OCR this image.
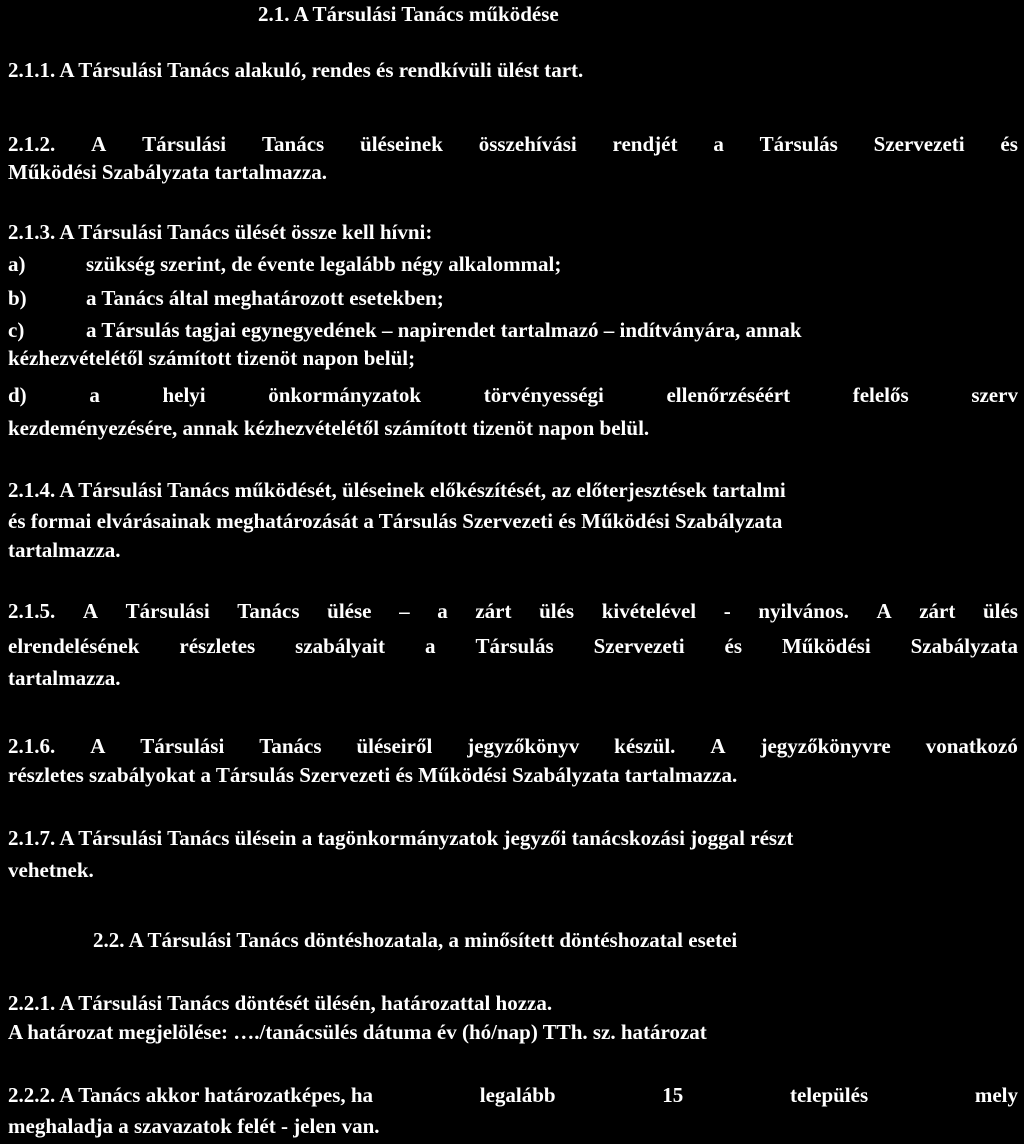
2.1. A Társulási Tanács működése
2.1.1. A Társulási Tanács alakuló, rendes és rendkívüli ülést tart.
2.1.2. A Társulási Tanács üléseinek összehívási rendjét a Társulás Szervezeti és
Működési Szabályzata tartalmazza.
2.1.3. A Társulási Tanács ülését össze kell hívni:
a)	szükség szerint, de évente legalább négy alkalommal;
b)	a Tanács által meghatározott esetekben;
c)	a Társulás tagjai egynegyedének – napirendet tartalmazó – indítványára, annak
kézhezvételétől számított tizenöt napon belül;
d)	a	helyi	önkormányzatok	törvényességi	ellenőrzéséért	felelős	szerv
kezdeményezésére, annak kézhezvételétől számított tizenöt napon belül.
2.1.4. A Társulási Tanács működését, üléseinek előkészítését, az előterjesztések tartalmi
és formai elvárásainak meghatározását a Társulás Szervezeti és Működési Szabályzata
tartalmazza.
2.1.5. A Társulási Tanács ülése – a zárt ülés kivételével - nyilvános. A zárt ülés
elrendelésének részletes szabályait a Társulás Szervezeti és Működési Szabályzata
tartalmazza.
2.1.6. A Társulási Tanács üléseiről jegyzőkönyv készül. A jegyzőkönyvre vonatkozó
részletes szabályokat a Társulás Szervezeti és Működési Szabályzata tartalmazza.
2.1.7. A Társulási Tanács ülésein a tagönkormányzatok jegyzői tanácskozási joggal részt
vehetnek.
2.2. A Társulási Tanács döntéshozatala, a minősített döntéshozatal esetei
2.2.1. A Társulási Tanács döntését ülésén, határozattal hozza.
A határozat megjelölése: …./tanácsülés dátuma év (hó/nap) TTh. sz. határozat
2.2.2. A Tanács akkor határozatképes, ha	legalább	15	település	mely
meghaladja a szavazatok felét - jelen van.
